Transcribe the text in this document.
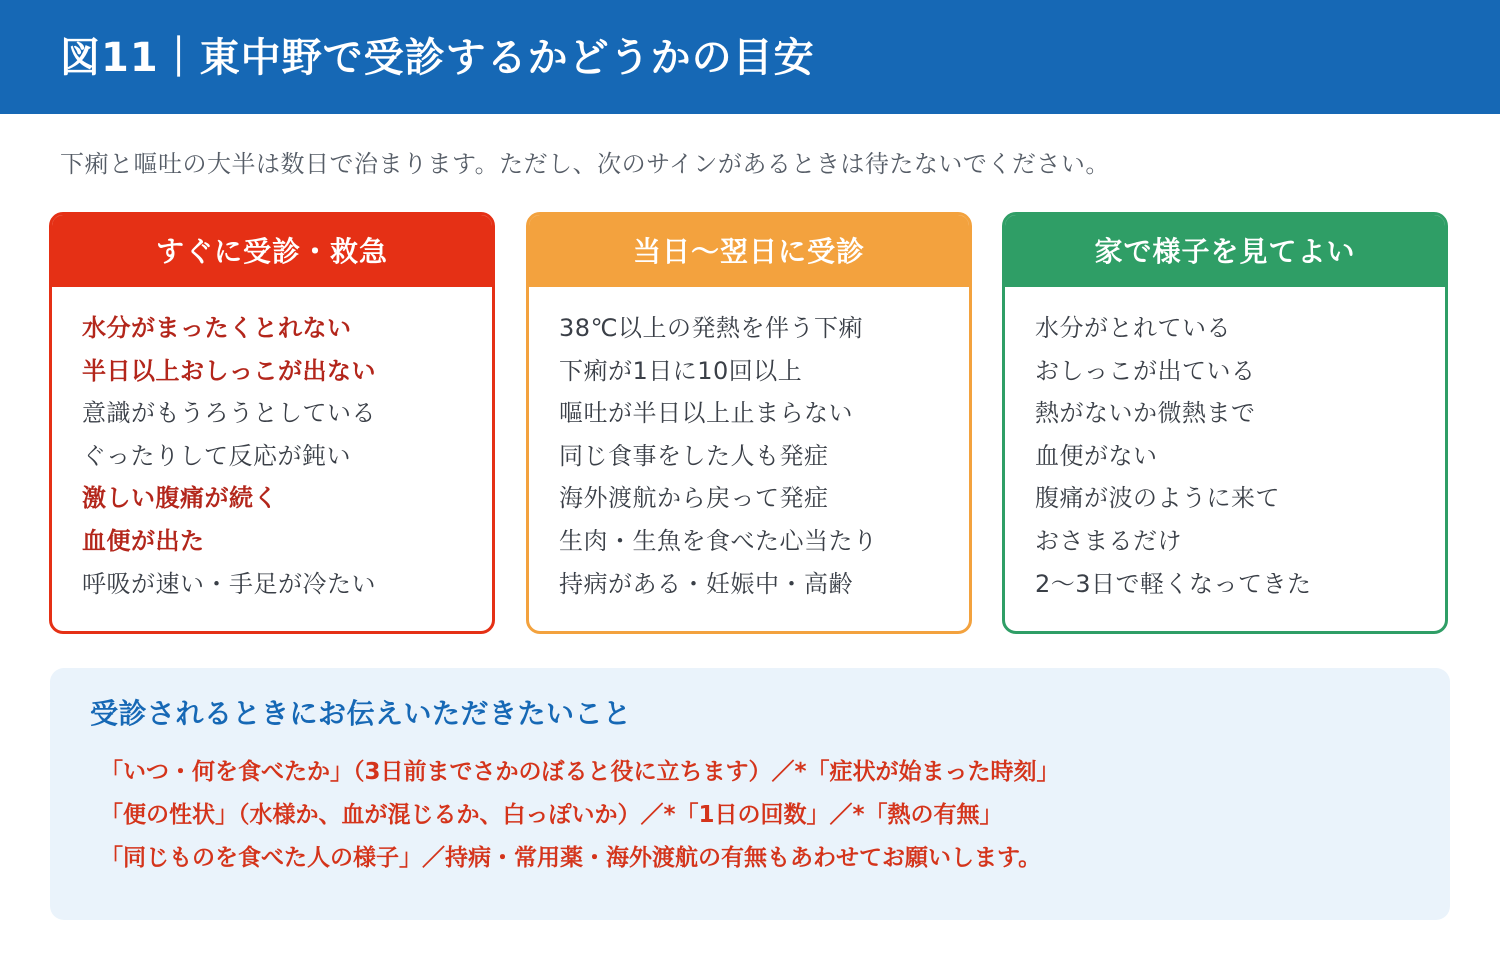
図11｜東中野で受診するかどうかの目安
下痢と嘔吐の大半は数日で治まります。ただし、次のサインがあるときは待たないでください。
すぐに受診・救急
水分がまったくとれない
半日以上おしっこが出ない
意識がもうろうとしている
ぐったりして反応が鈍い
激しい腹痛が続く
血便が出た
呼吸が速い・手足が冷たい
当日〜翌日に受診
38℃以上の発熱を伴う下痢
下痢が1日に10回以上
嘔吐が半日以上止まらない
同じ食事をした人も発症
海外渡航から戻って発症
生肉・生魚を食べた心当たり
持病がある・妊娠中・高齢
家で様子を見てよい
水分がとれている
おしっこが出ている
熱がないか微熱まで
血便がない
腹痛が波のように来て
おさまるだけ
2〜3日で軽くなってきた
受診されるときにお伝えいただきたいこと
「いつ・何を食べたか」（3日前までさかのぼると役に立ちます）／*「症状が始まった時刻」
「便の性状」（水様か、血が混じるか、白っぽいか）／*「1日の回数」／*「熱の有無」
「同じものを食べた人の様子」／持病・常用薬・海外渡航の有無もあわせてお願いします。
